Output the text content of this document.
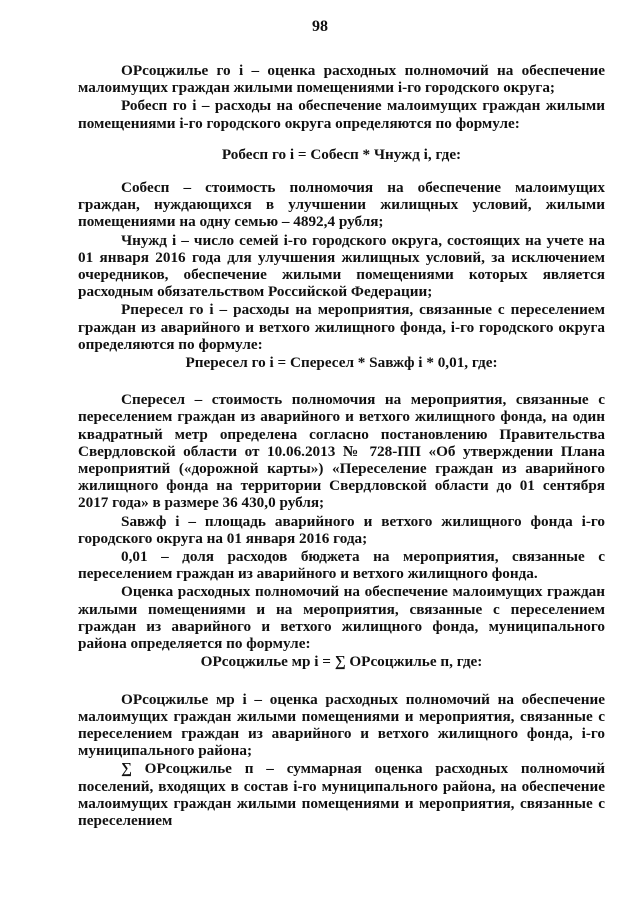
98

ОРсоцжилье го i – оценка расходных полномочий на обеспечение малоимущих граждан жилыми помещениями i-го городского округа;

Робесп го i – расходы на обеспечение малоимущих граждан жилыми помещениями i-го городского округа определяются по формуле:

Робесп го i = Собесп * Чнужд i, где:

Собесп – стоимость полномочия на обеспечение малоимущих граждан, нуждающихся в улучшении жилищных условий, жилыми помещениями на одну семью – 4892,4 рубля;

Чнужд i – число семей i-го городского округа, состоящих на учете на 01 января 2016 года для улучшения жилищных условий, за исключением очередников, обеспечение жилыми помещениями которых является расходным обязательством Российской Федерации;

Рпересел го i – расходы на мероприятия, связанные с переселением граждан из аварийного и ветхого жилищного фонда, i-го городского округа определяются по формуле:

Рпересел го i = Спересел * Sавжф i * 0,01, где:

Спересел – стоимость полномочия на мероприятия, связанные с переселением граждан из аварийного и ветхого жилищного фонда, на один квадратный метр определена согласно постановлению Правительства Свердловской области от 10.06.2013 № 728-ПП «Об утверждении Плана мероприятий («дорожной карты») «Переселение граждан из аварийного жилищного фонда на территории Свердловской области до 01 сентября 2017 года» в размере 36 430,0 рубля;

Sавжф i – площадь аварийного и ветхого жилищного фонда i-го городского округа на 01 января 2016 года;

0,01 – доля расходов бюджета на мероприятия, связанные с переселением граждан из аварийного и ветхого жилищного фонда.

Оценка расходных полномочий на обеспечение малоимущих граждан жилыми помещениями и на мероприятия, связанные с переселением граждан из аварийного и ветхого жилищного фонда, муниципального района определяется по формуле:

ОРсоцжилье мр i = ∑ ОРсоцжилье п, где:

ОРсоцжилье мр i – оценка расходных полномочий на обеспечение малоимущих граждан жилыми помещениями и мероприятия, связанные с переселением граждан из аварийного и ветхого жилищного фонда, i-го муниципального района;

∑ ОРсоцжилье п – суммарная оценка расходных полномочий поселений, входящих в состав i-го муниципального района, на обеспечение малоимущих граждан жилыми помещениями и мероприятия, связанные с переселением
